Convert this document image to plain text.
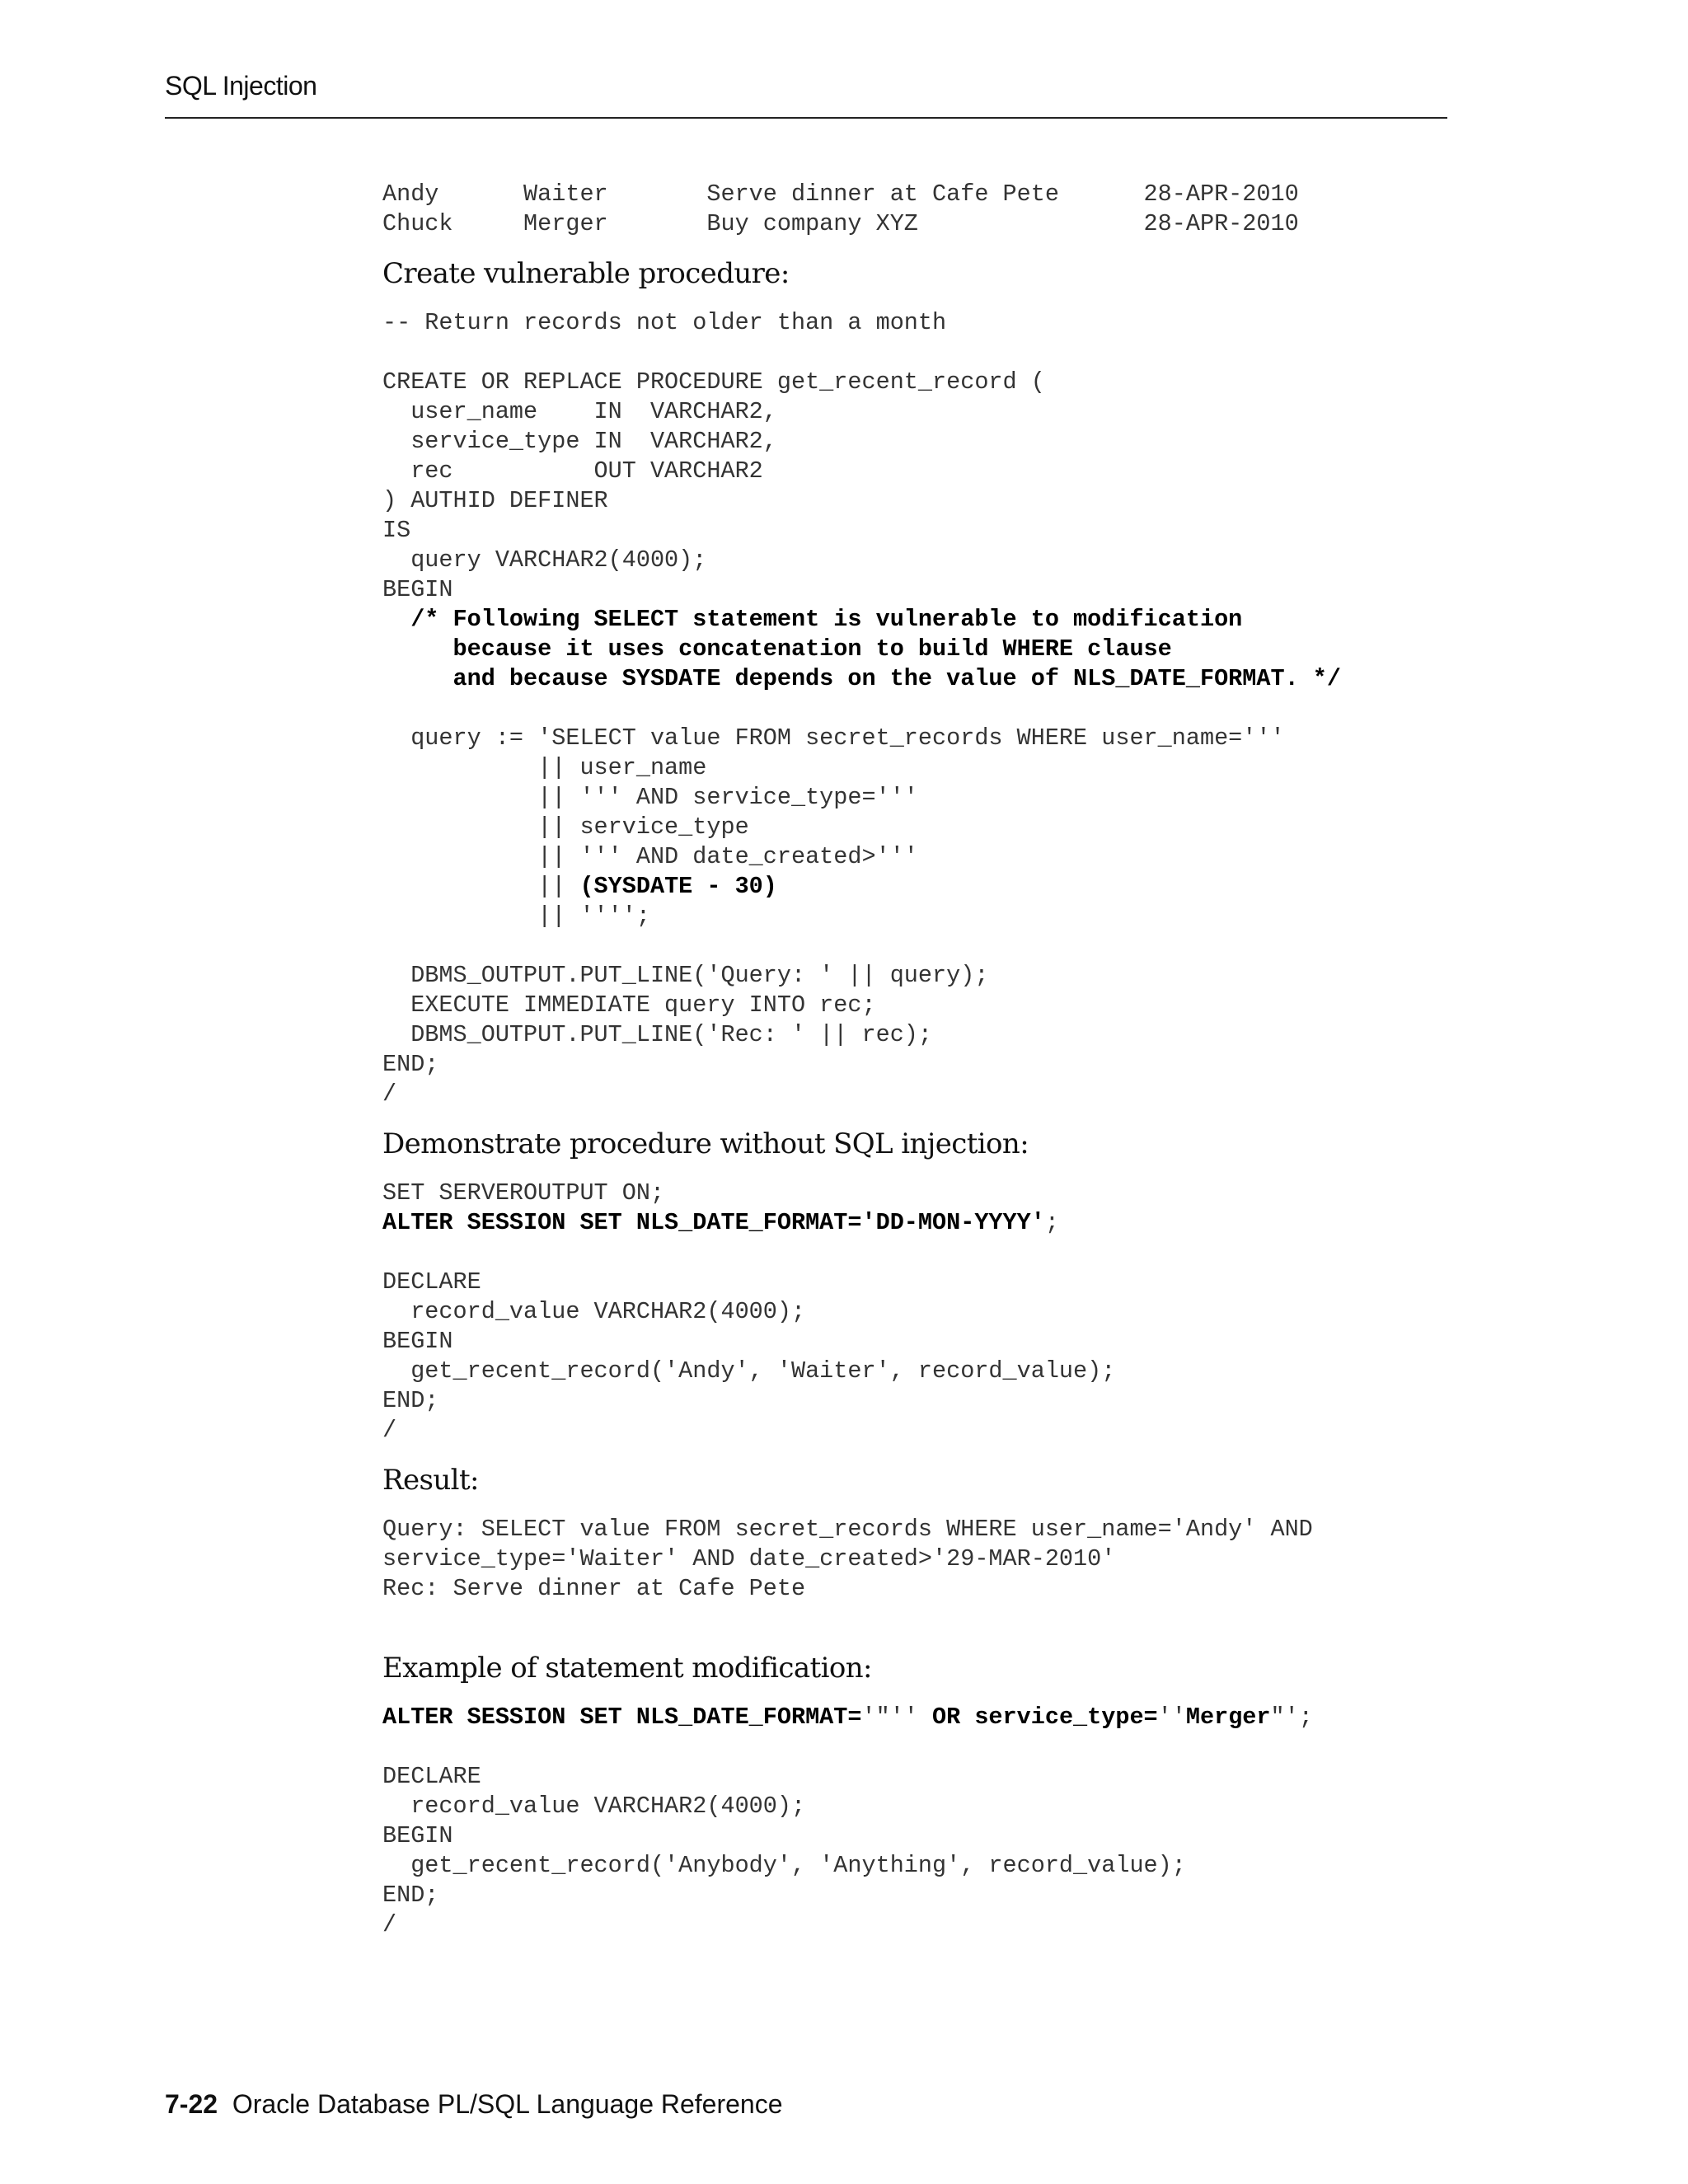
SQL Injection
Andy      Waiter       Serve dinner at Cafe Pete      28-APR-2010
Chuck     Merger       Buy company XYZ                28-APR-2010

Create vulnerable procedure:

-- Return records not older than a month

CREATE OR REPLACE PROCEDURE get_recent_record (
user_name    IN  VARCHAR2,
service_type IN  VARCHAR2,
rec          OUT VARCHAR2
) AUTHID DEFINER
IS
query VARCHAR2(4000);
BEGIN
/* Following SELECT statement is vulnerable to modification
because it uses concatenation to build WHERE clause
and because SYSDATE depends on the value of NLS_DATE_FORMAT. */

query := 'SELECT value FROM secret_records WHERE user_name='''
|| user_name
|| ''' AND service_type='''
|| service_type
|| ''' AND date_created>'''
|| (SYSDATE - 30)
|| '''';

DBMS_OUTPUT.PUT_LINE('Query: ' || query);
EXECUTE IMMEDIATE query INTO rec;
DBMS_OUTPUT.PUT_LINE('Rec: ' || rec);
END;
/

Demonstrate procedure without SQL injection:

SET SERVEROUTPUT ON;
ALTER SESSION SET NLS_DATE_FORMAT='DD-MON-YYYY';

DECLARE
record_value VARCHAR2(4000);
BEGIN
get_recent_record('Andy', 'Waiter', record_value);
END;
/

Result:

Query: SELECT value FROM secret_records WHERE user_name='Andy' AND
service_type='Waiter' AND date_created>'29-MAR-2010'
Rec: Serve dinner at Cafe Pete

Example of statement modification:

ALTER SESSION SET NLS_DATE_FORMAT='"'' OR service_type=''Merger"';

DECLARE
record_value VARCHAR2(4000);
BEGIN
get_recent_record('Anybody', 'Anything', record_value);
END;
/
7-22 Oracle Database PL/SQL Language Reference
